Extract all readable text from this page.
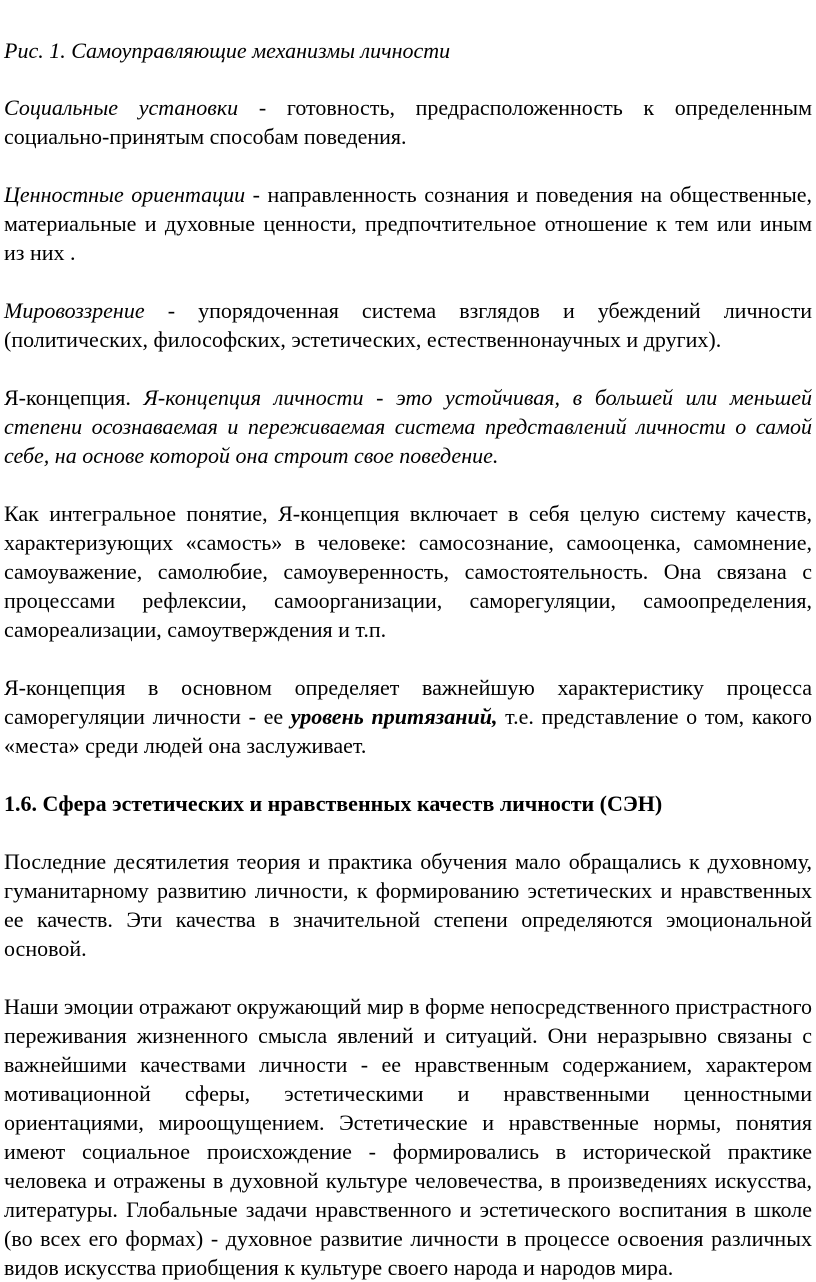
Рис. 1. Самоуправляющие механизмы личности

Социальные установки - готовность, предрасположенность к определенным социально-принятым способам поведения.

Ценностные ориентации - направленность сознания и поведения на общественные, материальные и духовные ценности, предпочтительное отношение к тем или иным из них .

Мировоззрение - упорядоченная система взглядов и убеждений личности (политических, философских, эстетических, естественнонаучных и других).

Я-концепция. Я-концепция личности - это устойчивая, в большей или меньшей степени осознаваемая и переживаемая система представлений личности о самой себе, на основе которой она строит свое поведение.

Как интегральное понятие, Я-концепция включает в себя целую систему качеств, характеризующих «самость» в человеке: самосознание, самооценка, самомнение, самоуважение, самолюбие, самоуверенность, самостоятельность. Она связана с процессами рефлексии, самоорганизации, саморегуляции, самоопределения, самореализации, самоутверждения и т.п.

Я-концепция в основном определяет важнейшую характеристику процесса саморегуляции личности - ее уровень притязаний, т.е. представление о том, какого «места» среди людей она заслуживает.

1.6. Сфера эстетических и нравственных качеств личности (СЭН)

Последние десятилетия теория и практика обучения мало обращались к духовному, гуманитарному развитию личности, к формированию эстетических и нравственных ее качеств. Эти качества в значительной степени определяются эмоциональной основой.

Наши эмоции отражают окружающий мир в форме непосредственного пристрастного переживания жизненного смысла явлений и ситуаций. Они неразрывно связаны с важнейшими качествами личности - ее нравственным содержанием, характером мотивационной сферы, эстетическими и нравственными ценностными ориентациями, мироощущением. Эстетические и нравственные нормы, понятия имеют социальное происхождение - формировались в исторической практике человека и отражены в духовной культуре человечества, в произведениях искусства, литературы. Глобальные задачи нравственного и эстетического воспитания в школе (во всех его формах) - духовное развитие личности в процессе освоения различных видов искусства приобщения к культуре своего народа и народов мира.
